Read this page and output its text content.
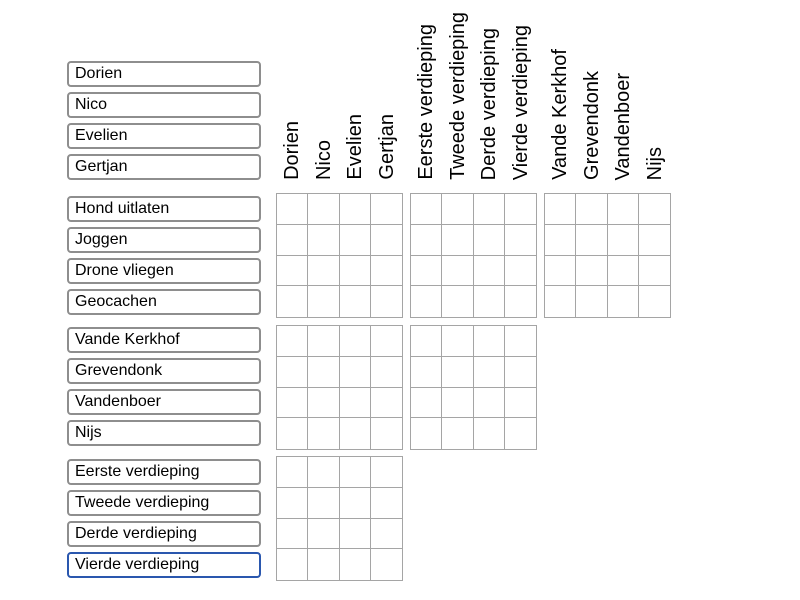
Dorien Nico Evelien Gertjan Eerste verdieping Tweede verdieping Derde verdieping Vierde verdieping Vande Kerkhof Grevendonk Vandenboer Nijs
Dorien
Nico
Evelien
Gertjan
Hond uitlaten
Joggen
Drone vliegen
Geocachen
Vande Kerkhof
Grevendonk
Vandenboer
Nijs
Eerste verdieping
Tweede verdieping
Derde verdieping
Vierde verdieping
